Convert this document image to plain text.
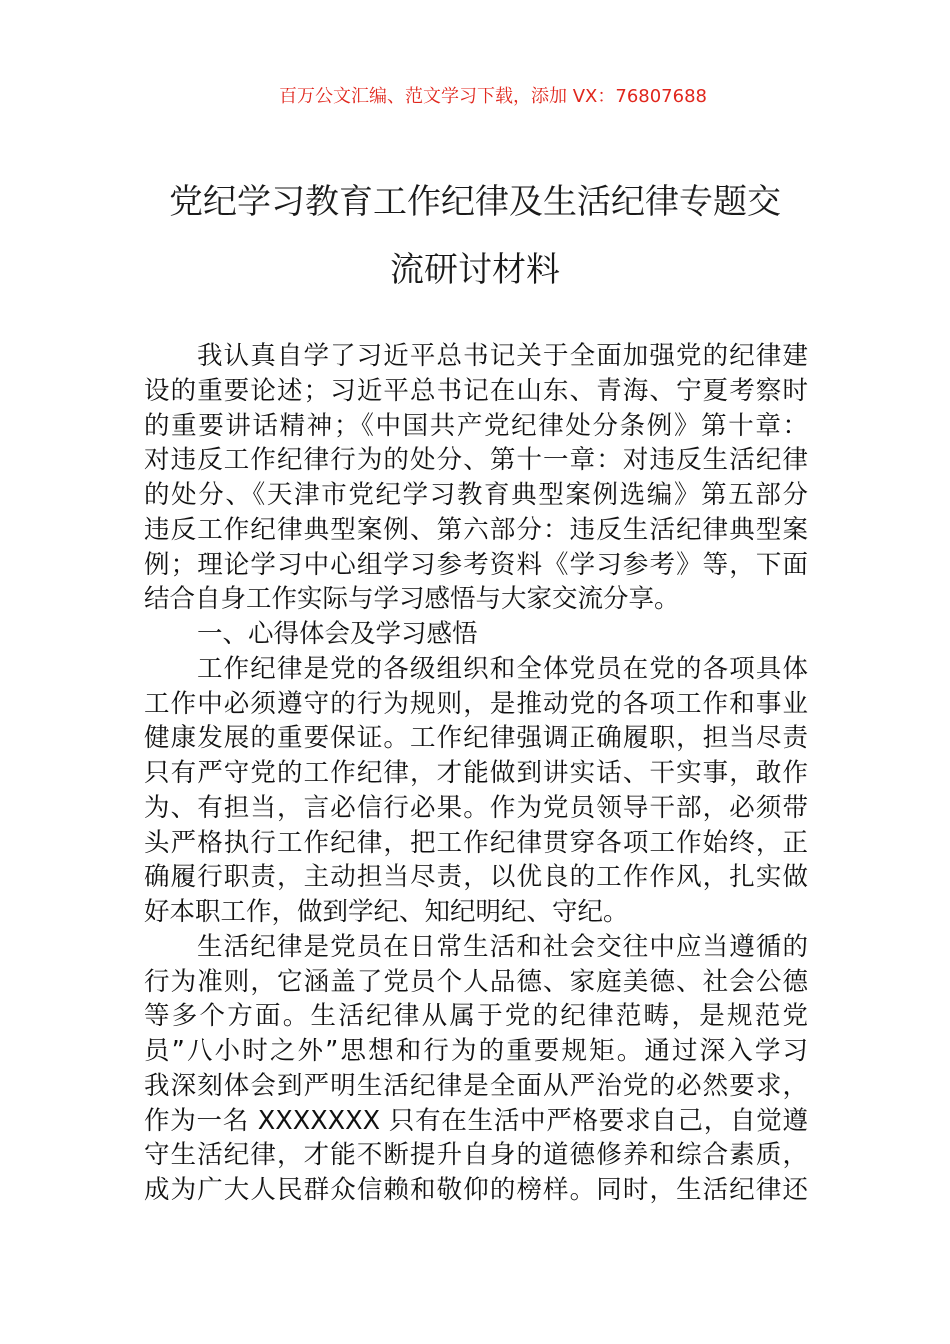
百万公文汇编、范文学习下载，添加 VX：76807688
党纪学习教育工作纪律及生活纪律专题交
流研讨材料
我认真自学了习近平总书记关于全面加强党的纪律建
设的重要论述；习近平总书记在山东、青海、宁夏考察时
的重要讲话精神；《中国共产党纪律处分条例》第十章：
对违反工作纪律行为的处分、第十一章：对违反生活纪律
的处分、《天津市党纪学习教育典型案例选编》第五部分
违反工作纪律典型案例、第六部分：违反生活纪律典型案
例；理论学习中心组学习参考资料《学习参考》等，下面
结合自身工作实际与学习感悟与大家交流分享。
一、心得体会及学习感悟
工作纪律是党的各级组织和全体党员在党的各项具体
工作中必须遵守的行为规则，是推动党的各项工作和事业
健康发展的重要保证。工作纪律强调正确履职，担当尽责
只有严守党的工作纪律，才能做到讲实话、干实事，敢作
为、有担当，言必信行必果。作为党员领导干部，必须带
头严格执行工作纪律，把工作纪律贯穿各项工作始终，正
确履行职责，主动担当尽责，以优良的工作作风，扎实做
好本职工作，做到学纪、知纪明纪、守纪。
生活纪律是党员在日常生活和社会交往中应当遵循的
行为准则，它涵盖了党员个人品德、家庭美德、社会公德
等多个方面。生活纪律从属于党的纪律范畴，是规范党
员”八小时之外”思想和行为的重要规矩。通过深入学习
我深刻体会到严明生活纪律是全面从严治党的必然要求，
作为一名 XXXXXXX 只有在生活中严格要求自己，自觉遵
守生活纪律，才能不断提升自身的道德修养和综合素质，
成为广大人民群众信赖和敬仰的榜样。同时，生活纪律还
